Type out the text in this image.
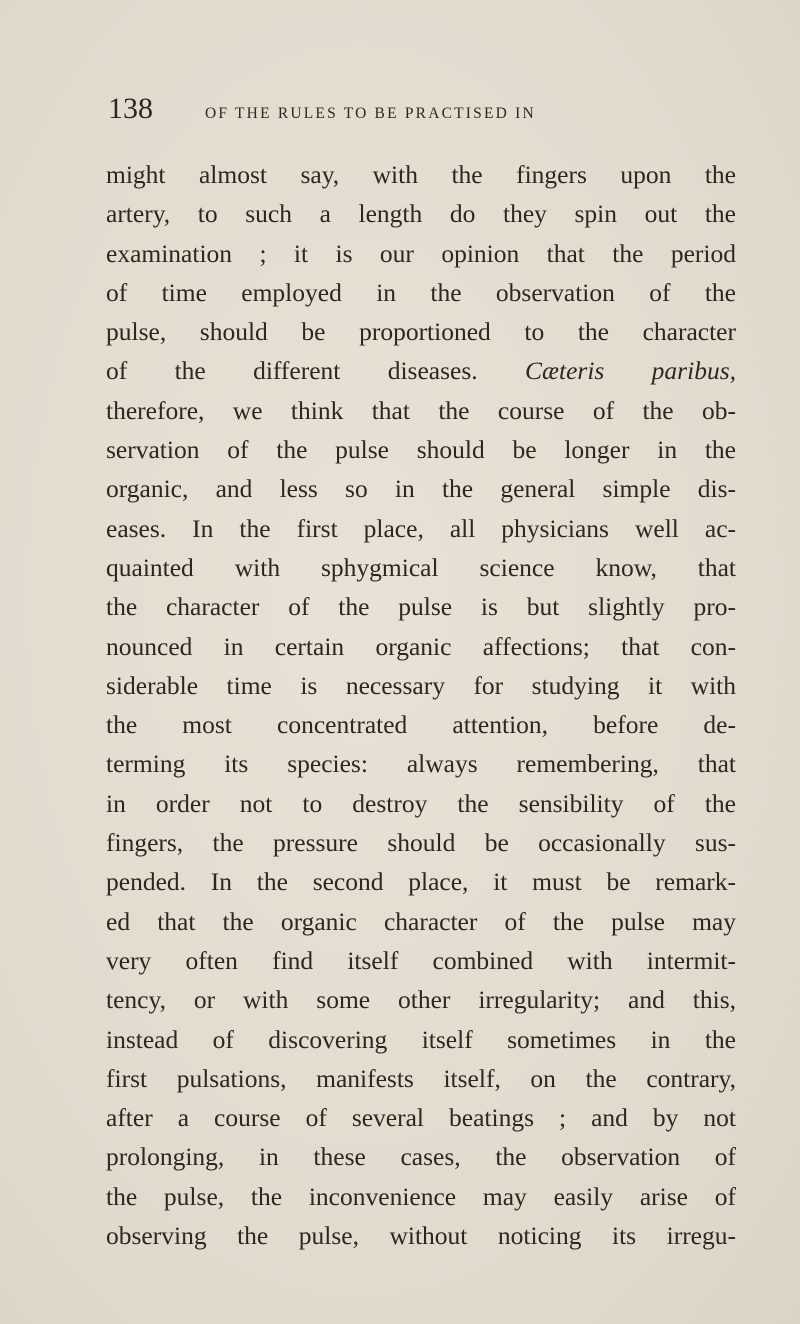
138	OF THE RULES TO BE PRACTISED IN
might almost say, with the fingers upon the
artery, to such a length do they spin out the
examination ; it is our opinion that the period
of time employed in the observation of the
pulse, should be proportioned to the character
of the different diseases. Cæteris paribus,
therefore, we think that the course of the ob-
servation of the pulse should be longer in the
organic, and less so in the general simple dis-
eases. In the first place, all physicians well ac-
quainted with sphygmical science know, that
the character of the pulse is but slightly pro-
nounced in certain organic affections; that con-
siderable time is necessary for studying it with
the most concentrated attention, before de-
terming its species: always remembering, that
in order not to destroy the sensibility of the
fingers, the pressure should be occasionally sus-
pended. In the second place, it must be remark-
ed that the organic character of the pulse may
very often find itself combined with intermit-
tency, or with some other irregularity; and this,
instead of discovering itself sometimes in the
first pulsations, manifests itself, on the contrary,
after a course of several beatings ; and by not
prolonging, in these cases, the observation of
the pulse, the inconvenience may easily arise of
observing the pulse, without noticing its irregu-
